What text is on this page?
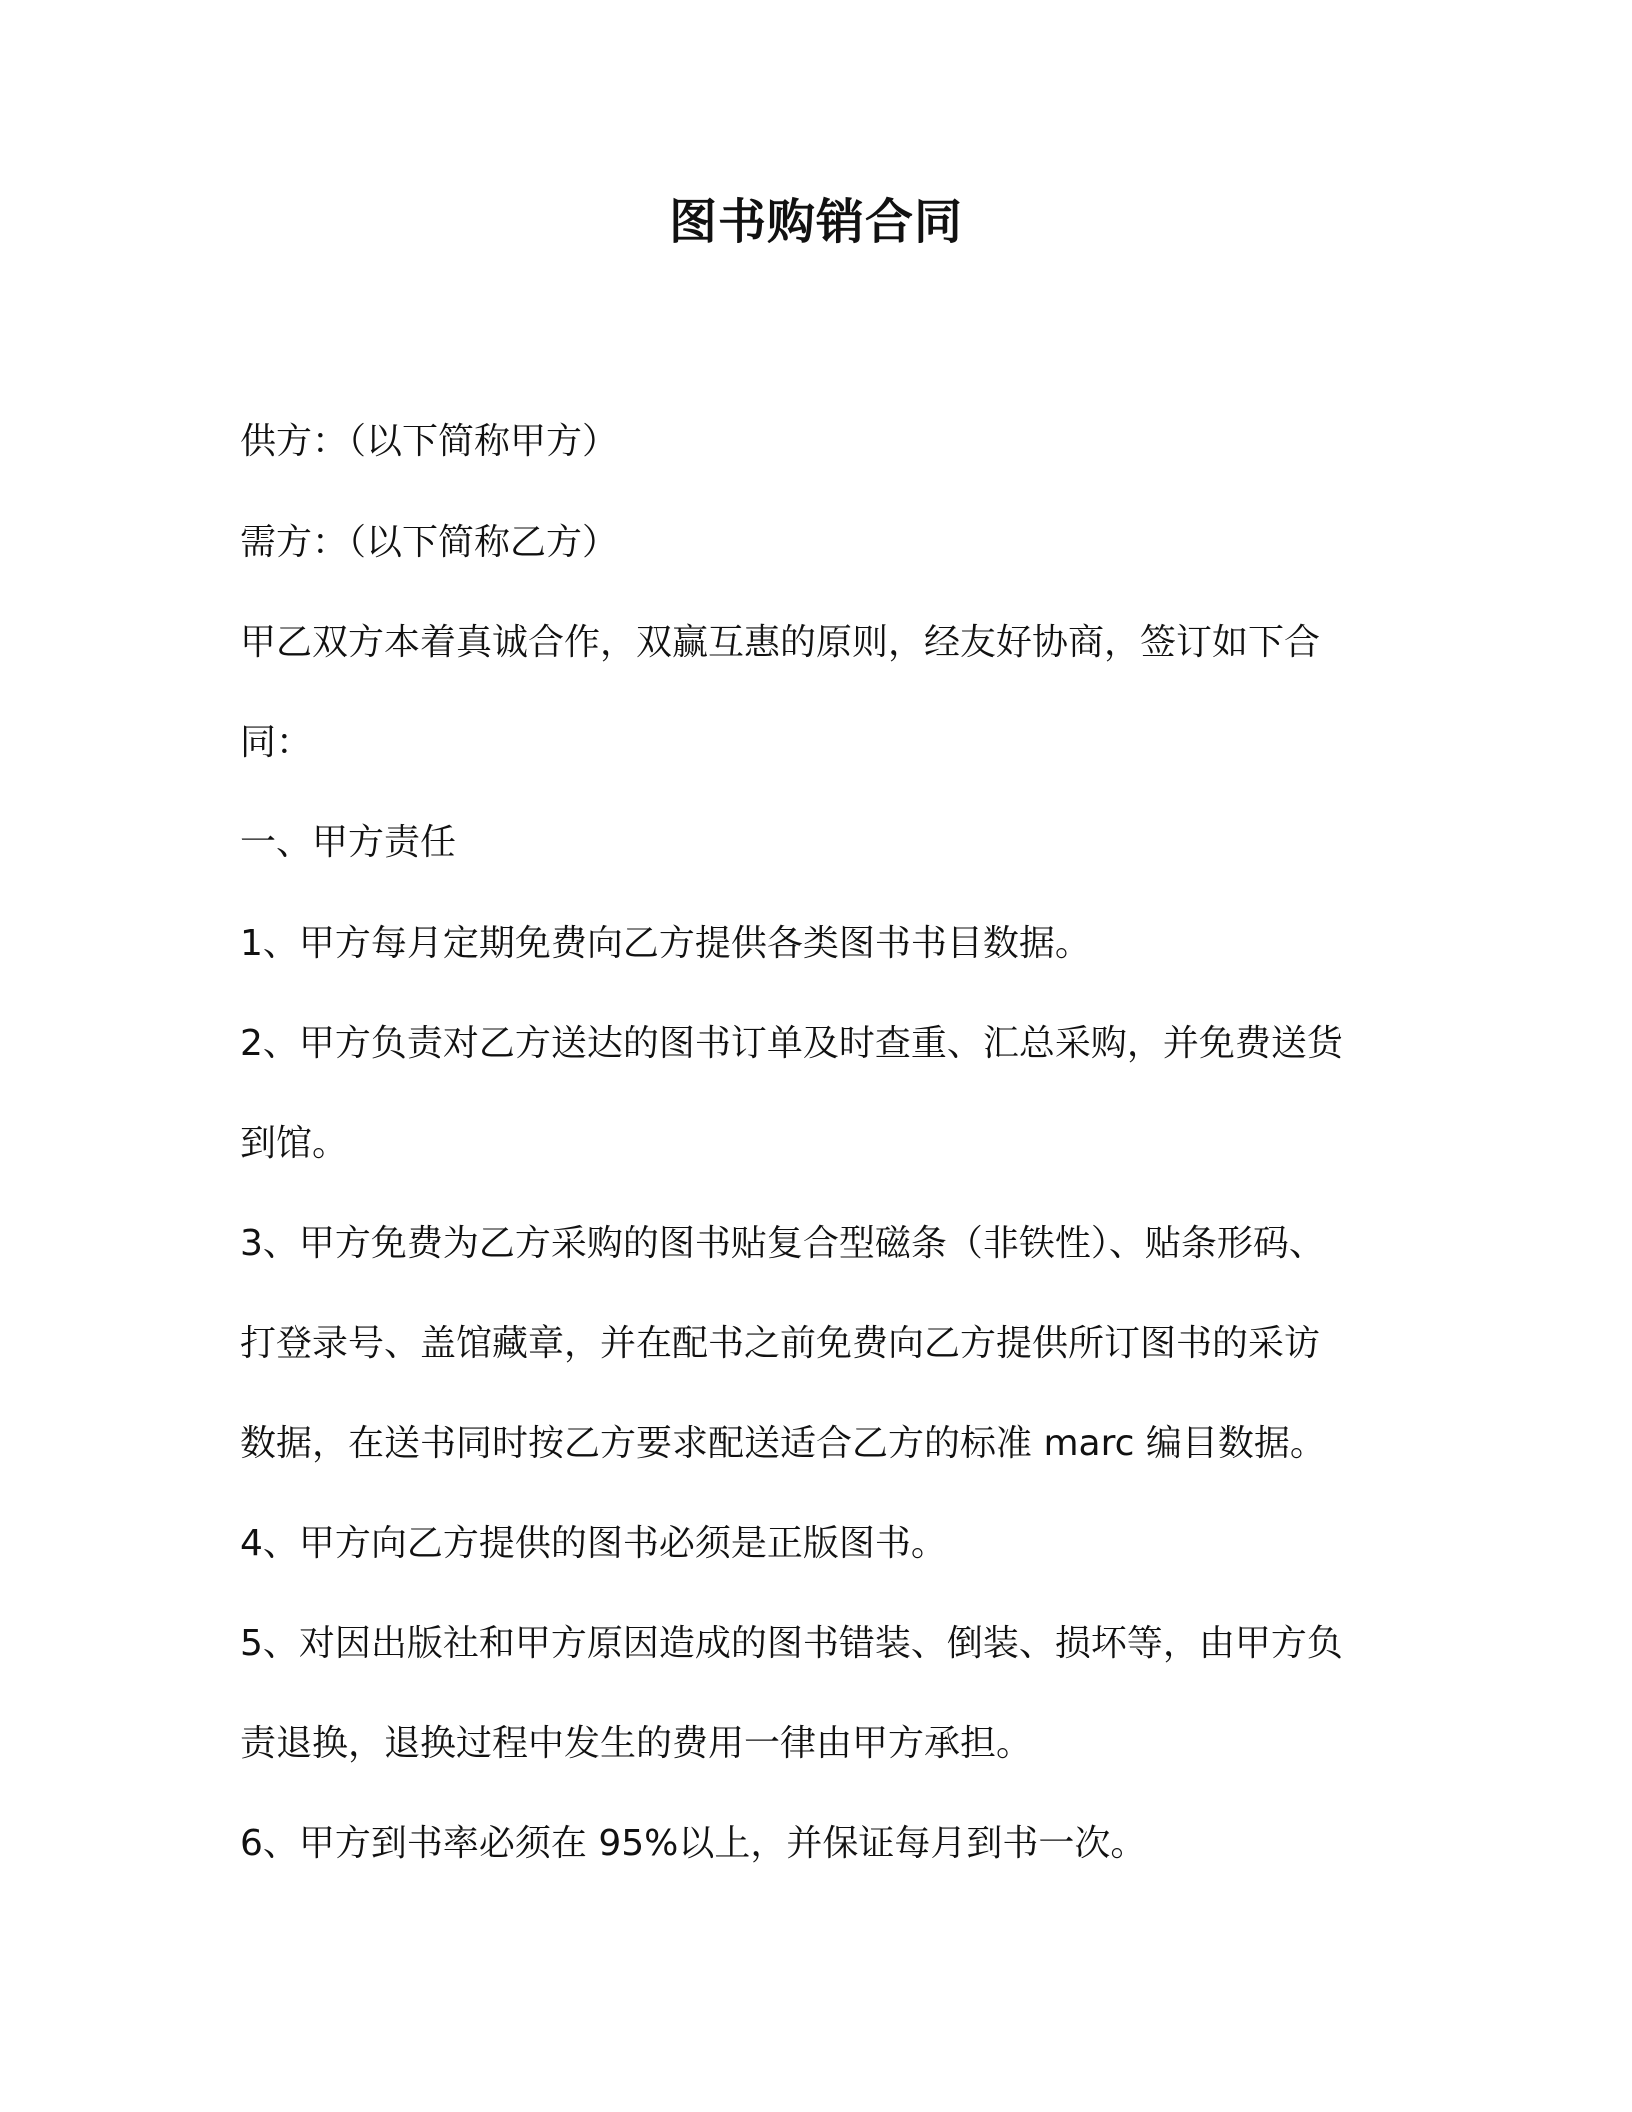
图书购销合同

供方：（以下简称甲方）

需方：（以下简称乙方）

甲乙双方本着真诚合作，双赢互惠的原则，经友好协商，签订如下合

同：

一、甲方责任

1、甲方每月定期免费向乙方提供各类图书书目数据。

2、甲方负责对乙方送达的图书订单及时查重、汇总采购，并免费送货

到馆。

3、甲方免费为乙方采购的图书贴复合型磁条（非铁性）、贴条形码、

打登录号、盖馆藏章，并在配书之前免费向乙方提供所订图书的采访

数据，在送书同时按乙方要求配送适合乙方的标准 marc 编目数据。

4、甲方向乙方提供的图书必须是正版图书。

5、对因出版社和甲方原因造成的图书错装、倒装、损坏等，由甲方负

责退换，退换过程中发生的费用一律由甲方承担。

6、甲方到书率必须在 95%以上，并保证每月到书一次。
